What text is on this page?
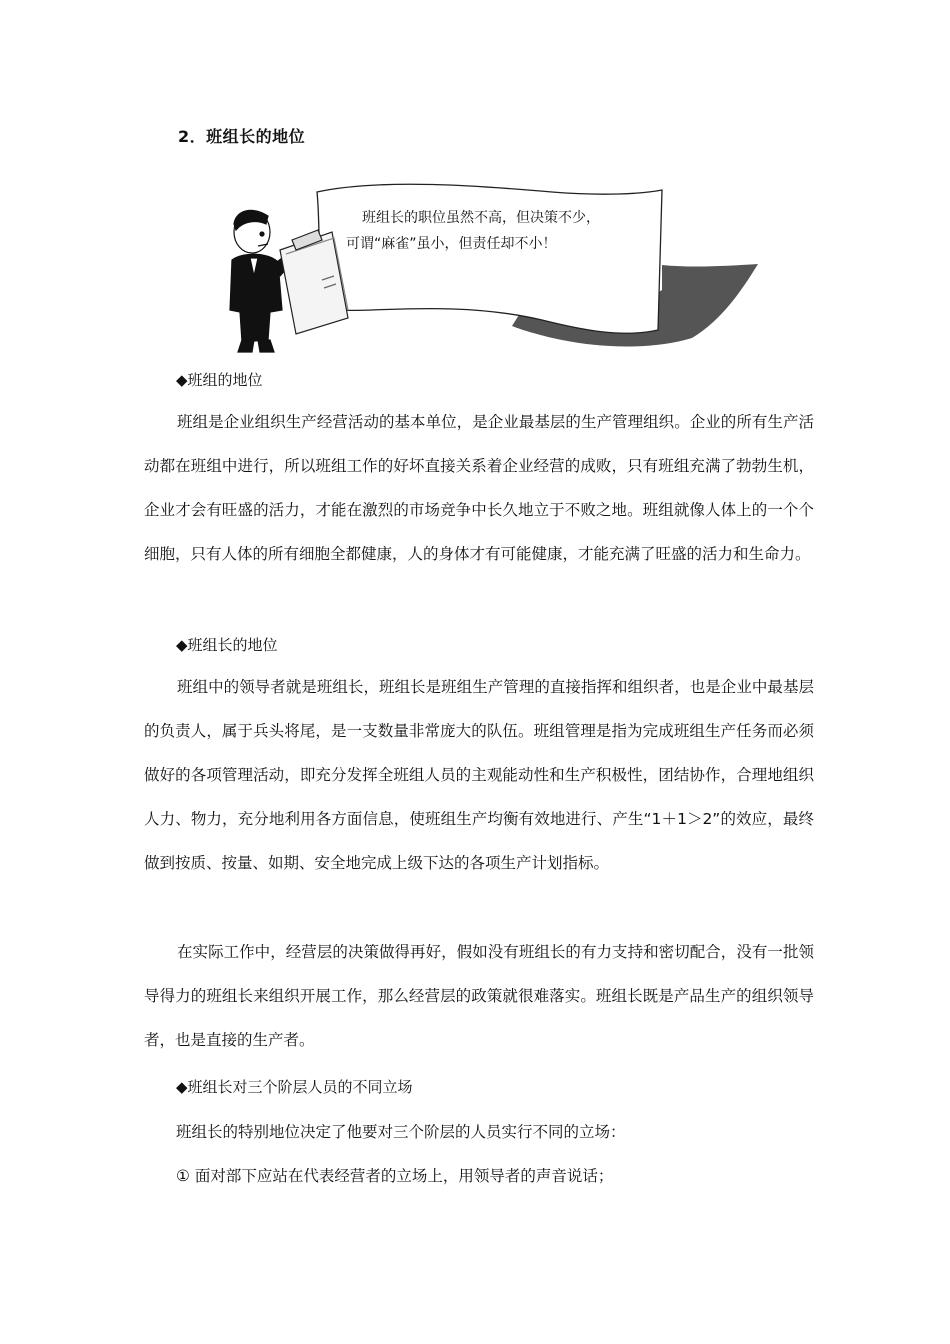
2．班组长的地位
班组长的职位虽然不高，但决策不少，
可谓“麻雀”虽小，但责任却不小！
◆班组的地位

班组是企业组织生产经营活动的基本单位，是企业最基层的生产管理组织。企业的所有生产活动都在班组中进行，所以班组工作的好坏直接关系着企业经营的成败，只有班组充满了勃勃生机，企业才会有旺盛的活力，才能在激烈的市场竞争中长久地立于不败之地。班组就像人体上的一个个细胞，只有人体的所有细胞全都健康，人的身体才有可能健康，才能充满了旺盛的活力和生命力。

◆班组长的地位

班组中的领导者就是班组长，班组长是班组生产管理的直接指挥和组织者，也是企业中最基层的负责人，属于兵头将尾，是一支数量非常庞大的队伍。班组管理是指为完成班组生产任务而必须做好的各项管理活动，即充分发挥全班组人员的主观能动性和生产积极性，团结协作，合理地组织人力、物力，充分地利用各方面信息，使班组生产均衡有效地进行、产生“1＋1＞2”的效应，最终做到按质、按量、如期、安全地完成上级下达的各项生产计划指标。

在实际工作中，经营层的决策做得再好，假如没有班组长的有力支持和密切配合，没有一批领导得力的班组长来组织开展工作，那么经营层的政策就很难落实。班组长既是产品生产的组织领导者，也是直接的生产者。

◆班组长对三个阶层人员的不同立场
班组长的特别地位决定了他要对三个阶层的人员实行不同的立场：
① 面对部下应站在代表经营者的立场上，用领导者的声音说话；
